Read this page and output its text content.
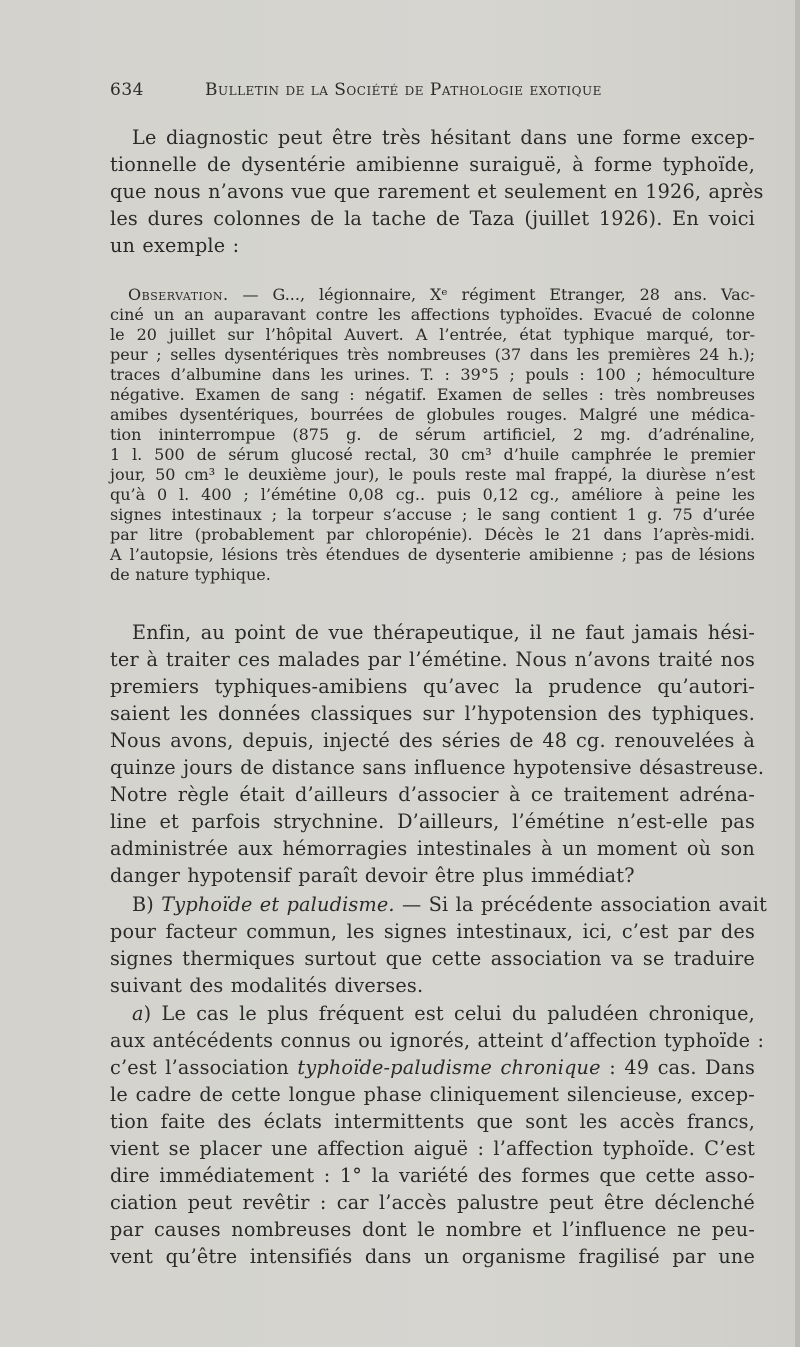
634	Bulletin de la Société de Pathologie exotique
Le diagnostic peut être très hésitant dans une forme excep-
tionnelle de dysentérie amibienne suraiguë, à forme typhoïde,
que nous n’avons vue que rarement et seulement en 1926, après
les dures colonnes de la tache de Taza (juillet 1926). En voici
un exemple :
Observation. — G..., légionnaire, Xᵉ régiment Etranger, 28 ans. Vac-
ciné un an auparavant contre les affections typhoïdes. Evacué de colonne
le 20 juillet sur l’hôpital Auvert. A l’entrée, état typhique marqué, tor-
peur ; selles dysentériques très nombreuses (37 dans les premières 24 h.);
traces d’albumine dans les urines. T. : 39°5 ; pouls : 100 ; hémoculture
négative. Examen de sang : négatif. Examen de selles : très nombreuses
amibes dysentériques, bourrées de globules rouges. Malgré une médica-
tion ininterrompue (875 g. de sérum artificiel, 2 mg. d’adrénaline,
1 l. 500 de sérum glucosé rectal, 30 cm³ d’huile camphrée le premier
jour, 50 cm³ le deuxième jour), le pouls reste mal frappé, la diurèse n’est
qu’à 0 l. 400 ; l’émétine 0,08 cg.. puis 0,12 cg., améliore à peine les
signes intestinaux ; la torpeur s’accuse ; le sang contient 1 g. 75 d’urée
par litre (probablement par chloropénie). Décès le 21 dans l’après-midi.
A l’autopsie, lésions très étendues de dysenterie amibienne ; pas de lésions
de nature typhique.
Enfin, au point de vue thérapeutique, il ne faut jamais hési-
ter à traiter ces malades par l’émétine. Nous n’avons traité nos
premiers typhiques-amibiens qu’avec la prudence qu’autori-
saient les données classiques sur l’hypotension des typhiques.
Nous avons, depuis, injecté des séries de 48 cg. renouvelées à
quinze jours de distance sans influence hypotensive désastreuse.
Notre règle était d’ailleurs d’associer à ce traitement adréna-
line et parfois strychnine. D’ailleurs, l’émétine n’est-elle pas
administrée aux hémorragies intestinales à un moment où son
danger hypotensif paraît devoir être plus immédiat?
B) Typhoïde et paludisme. — Si la précédente association avait
pour facteur commun, les signes intestinaux, ici, c’est par des
signes thermiques surtout que cette association va se traduire
suivant des modalités diverses.
a) Le cas le plus fréquent est celui du paludéen chronique,
aux antécédents connus ou ignorés, atteint d’affection typhoïde :
c’est l’association typhoïde-paludisme chronique : 49 cas. Dans
le cadre de cette longue phase cliniquement silencieuse, excep-
tion faite des éclats intermittents que sont les accès francs,
vient se placer une affection aiguë : l’affection typhoïde. C’est
dire immédiatement : 1° la variété des formes que cette asso-
ciation peut revêtir : car l’accès palustre peut être déclenché
par causes nombreuses dont le nombre et l’influence ne peu-
vent qu’être intensifiés dans un organisme fragilisé par une
